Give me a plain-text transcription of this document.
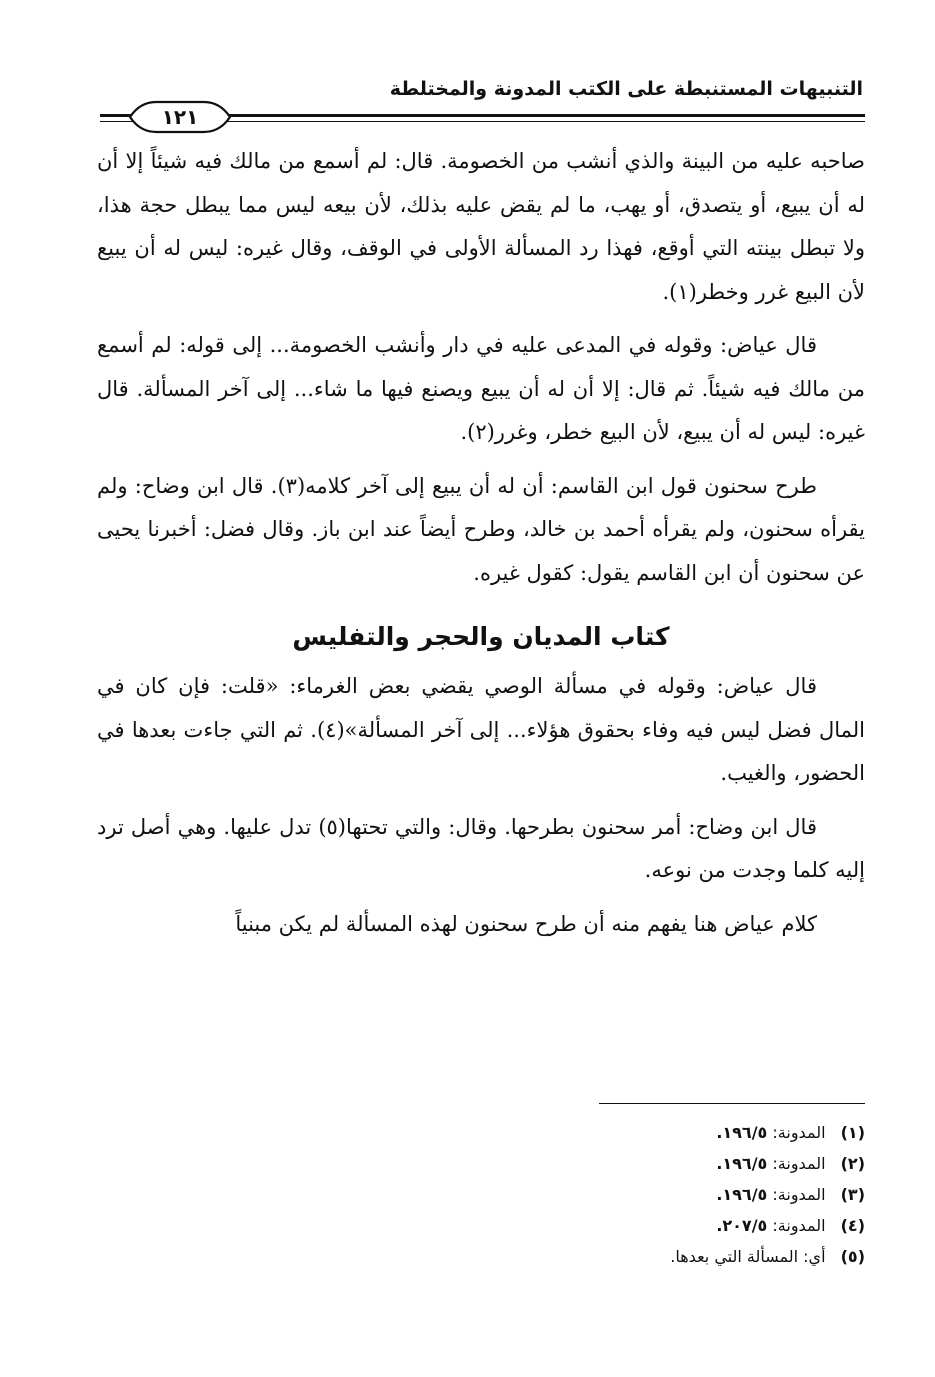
التنبيهات المستنبطة على الكتب المدونة والمختلطة
١٢١

صاحبه عليه من البينة والذي أنشب من الخصومة. قال: لم أسمع من مالك فيه شيئاً إلا أن له أن يبيع، أو يتصدق، أو يهب، ما لم يقض عليه بذلك، لأن بيعه ليس مما يبطل حجة هذا، ولا تبطل بينته التي أوقع، فهذا رد المسألة الأولى في الوقف، وقال غيره: ليس له أن يبيع لأن البيع غرر وخطر(١).

قال عياض: وقوله في المدعى عليه في دار وأنشب الخصومة... إلى قوله: لم أسمع من مالك فيه شيئاً. ثم قال: إلا أن له أن يبيع ويصنع فيها ما شاء... إلى آخر المسألة. قال غيره: ليس له أن يبيع، لأن البيع خطر، وغرر(٢).

طرح سحنون قول ابن القاسم: أن له أن يبيع إلى آخر كلامه(٣). قال ابن وضاح: ولم يقرأه سحنون، ولم يقرأه أحمد بن خالد، وطرح أيضاً عند ابن باز. وقال فضل: أخبرنا يحيى عن سحنون أن ابن القاسم يقول: كقول غيره.

كتاب المديان والحجر والتفليس

قال عياض: وقوله في مسألة الوصي يقضي بعض الغرماء: «قلت: فإن كان في المال فضل ليس فيه وفاء بحقوق هؤلاء... إلى آخر المسألة»(٤). ثم التي جاءت بعدها في الحضور، والغيب.

قال ابن وضاح: أمر سحنون بطرحها. وقال: والتي تحتها(٥) تدل عليها. وهي أصل ترد إليه كلما وجدت من نوعه.

كلام عياض هنا يفهم منه أن طرح سحنون لهذه المسألة لم يكن مبنياً

(١) المدونة: ١٩٦/٥.
(٢) المدونة: ١٩٦/٥.
(٣) المدونة: ١٩٦/٥.
(٤) المدونة: ٢٠٧/٥.
(٥) أي: المسألة التي بعدها.
